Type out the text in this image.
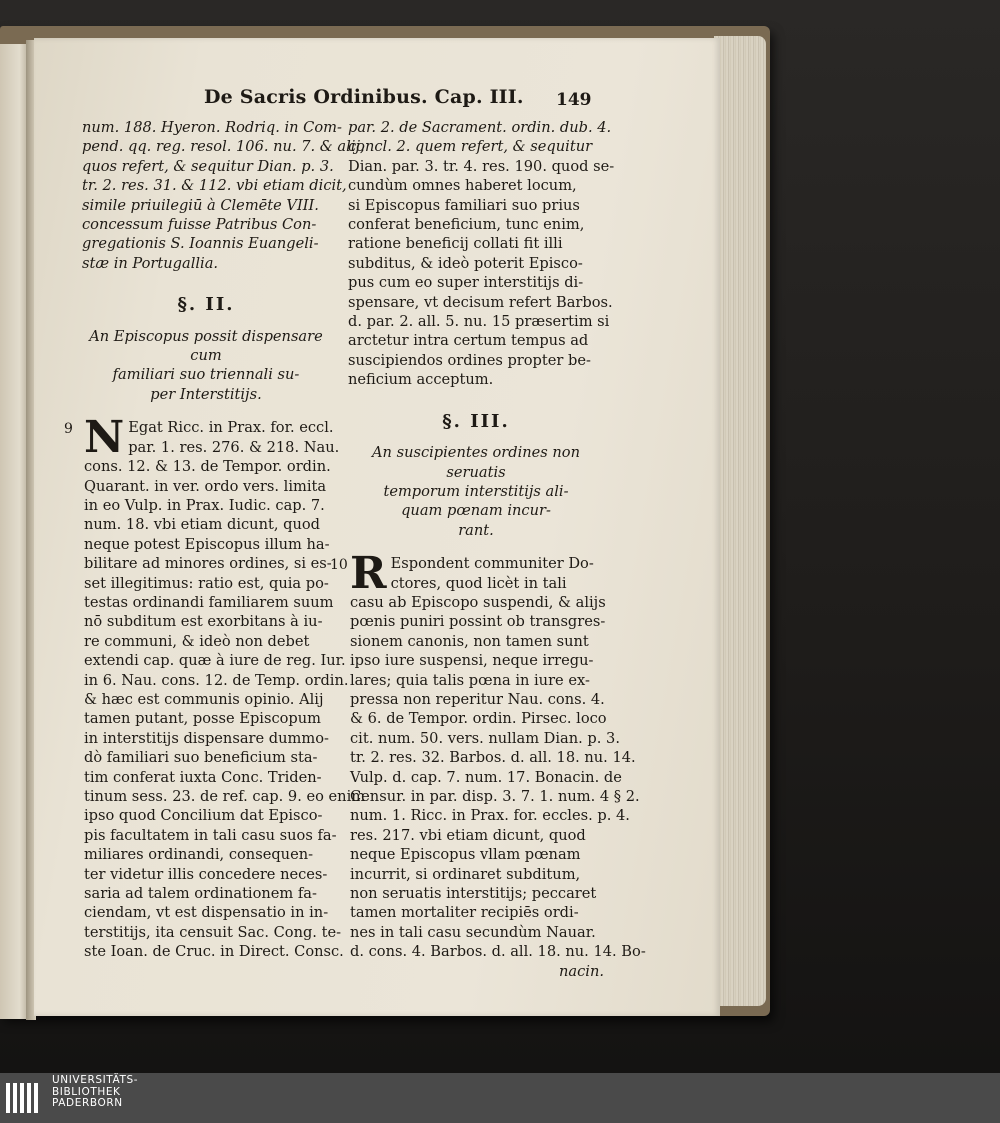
De Sacris Ordinibus. Cap. III.	149

num. 188. Hyeron. Rodriq. in Com-
pend. qq. reg. resol. 106. nu. 7. & alij,
quos refert, & sequitur Dian. p. 3.
tr. 2. res. 31. & 112. vbi etiam dicit,
simile priuilegiū à Clemēte VIII.
concessum fuisse Patribus Con-
gregationis S. Ioannis Euangeli-
stæ in Portugallia.

§. II.
An Episcopus possit dispensare cum
familiari suo triennali su-
per Interstitijs.
9 N Egat Ricc. in Prax. for. eccl.
par. 1. res. 276. & 218. Nau.
cons. 12. & 13. de Tempor. ordin.
Quarant. in ver. ordo vers. limita
in eo Vulp. in Prax. Iudic. cap. 7.
num. 18. vbi etiam dicunt, quod
neque potest Episcopus illum ha-
bilitare ad minores ordines, si es-
set illegitimus: ratio est, quia po-
testas ordinandi familiarem suum
nō subditum est exorbitans à iu-
re communi, & ideò non debet
extendi cap. quæ à iure de reg. Iur.
in 6. Nau. cons. 12. de Temp. ordin.
& hæc est communis opinio. Alij
tamen putant, posse Episcopum
in interstitijs dispensare dummo-
dò familiari suo beneficium sta-
tim conferat iuxta Conc. Triden-
tinum sess. 23. de ref. cap. 9. eo enim
ipso quod Concilium dat Episco-
pis facultatem in tali casu suos fa-
miliares ordinandi, consequen-
ter videtur illis concedere neces-
saria ad talem ordinationem fa-
ciendam, vt est dispensatio in in-
terstitijs, ita censuit Sac. Cong. te-
ste Ioan. de Cruc. in Direct. Consc.

par. 2. de Sacrament. ordin. dub. 4.
concl. 2. quem refert, & sequitur
Dian. par. 3. tr. 4. res. 190. quod se-
cundùm omnes haberet locum,
si Episcopus familiari suo prius
conferat beneficium, tunc enim,
ratione beneficij collati fit illi
subditus, & ideò poterit Episco-
pus cum eo super interstitijs di-
spensare, vt decisum refert Barbos.
d. par. 2. all. 5. nu. 15 præsertim si
arctetur intra certum tempus ad
suscipiendos ordines propter be-
neficium acceptum.

§. III.
An suscipientes ordines non seruatis
temporum interstitijs ali-
quam pœnam incur-
rant.
10 R Espondent communiter Do-
ctores, quod licèt in tali
casu ab Episcopo suspendi, & alijs
pœnis puniri possint ob transgres-
sionem canonis, non tamen sunt
ipso iure suspensi, neque irregu-
lares; quia talis pœna in iure ex-
pressa non reperitur Nau. cons. 4.
& 6. de Tempor. ordin. Pirsec. loco
cit. num. 50. vers. nullam Dian. p. 3.
tr. 2. res. 32. Barbos. d. all. 18. nu. 14.
Vulp. d. cap. 7. num. 17. Bonacin. de
Censur. in par. disp. 3. 7. 1. num. 4 § 2.
num. 1. Ricc. in Prax. for. eccles. p. 4.
res. 217. vbi etiam dicunt, quod
neque Episcopus vllam pœnam
incurrit, si ordinaret subditum,
non seruatis interstitijs; peccaret
tamen mortaliter recipiēs ordi-
nes in tali casu secundùm Nauar.
d. cons. 4. Barbos. d. all. 18. nu. 14. Bo-
nacin.
UNIVERSITÄTS-
BIBLIOTHEK
PADERBORN
